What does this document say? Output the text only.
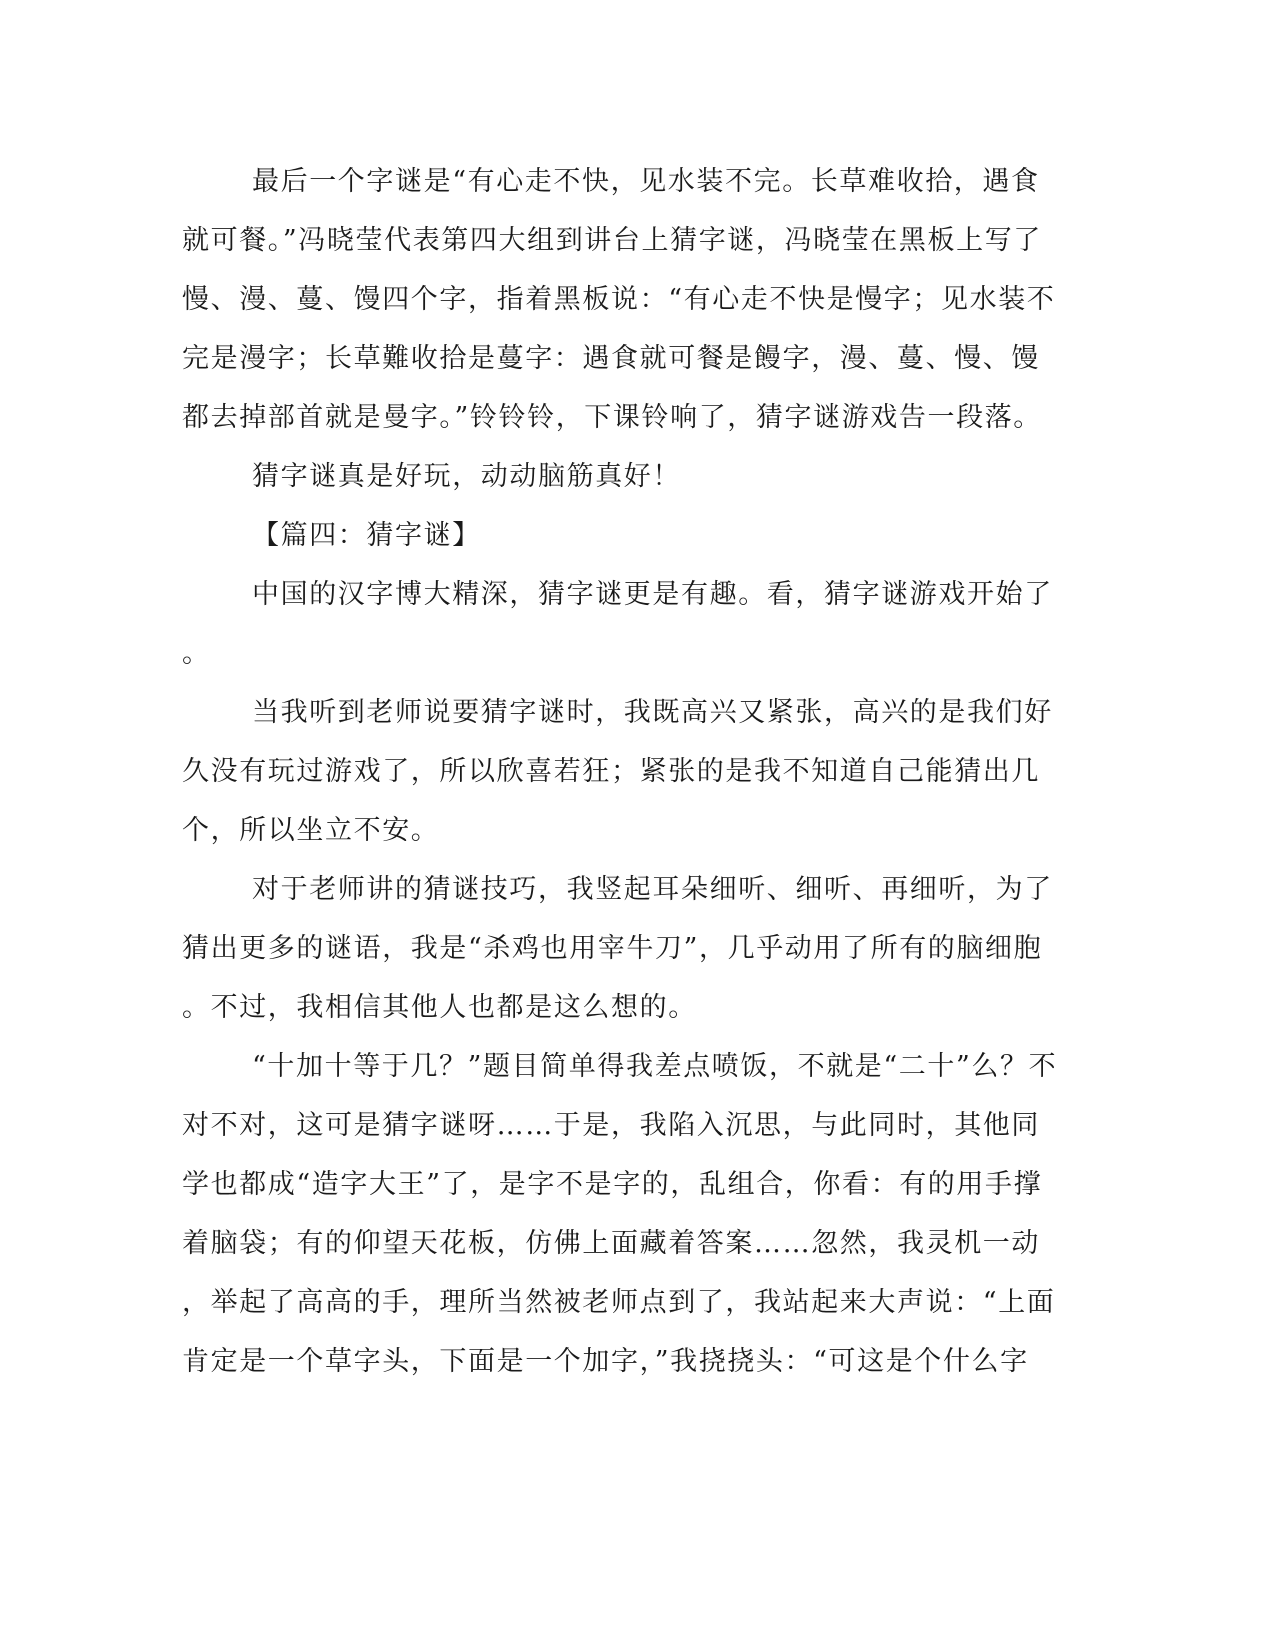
最后一个字谜是“有心走不快，见水装不完。长草难收拾，遇食

就可餐。”冯晓莹代表第四大组到讲台上猜字谜，冯晓莹在黑板上写了

慢、漫、蔓、馒四个字，指着黑板说：“有心走不快是慢字；见水装不

完是漫字；长草難收拾是蔓字：遇食就可餐是饅字，漫、蔓、慢、馒

都去掉部首就是曼字。”铃铃铃，下课铃响了，猜字谜游戏告一段落。

猜字谜真是好玩，动动脑筋真好！

【篇四：猜字谜】

中国的汉字博大精深，猜字谜更是有趣。看，猜字谜游戏开始了

。

当我听到老师说要猜字谜时，我既高兴又紧张，高兴的是我们好

久没有玩过游戏了，所以欣喜若狂；紧张的是我不知道自己能猜出几

个，所以坐立不安。

对于老师讲的猜谜技巧，我竖起耳朵细听、细听、再细听，为了

猜出更多的谜语，我是“杀鸡也用宰牛刀”，几乎动用了所有的脑细胞

。不过，我相信其他人也都是这么想的。

“十加十等于几？”题目简单得我差点喷饭，不就是“二十”么？不

对不对，这可是猜字谜呀……于是，我陷入沉思，与此同时，其他同

学也都成“造字大王”了，是字不是字的，乱组合，你看：有的用手撑

着脑袋；有的仰望天花板，仿佛上面藏着答案……忽然，我灵机一动

，举起了高高的手，理所当然被老师点到了，我站起来大声说：“上面

肯定是一个草字头，下面是一个加字，”我挠挠头：“可这是个什么字
